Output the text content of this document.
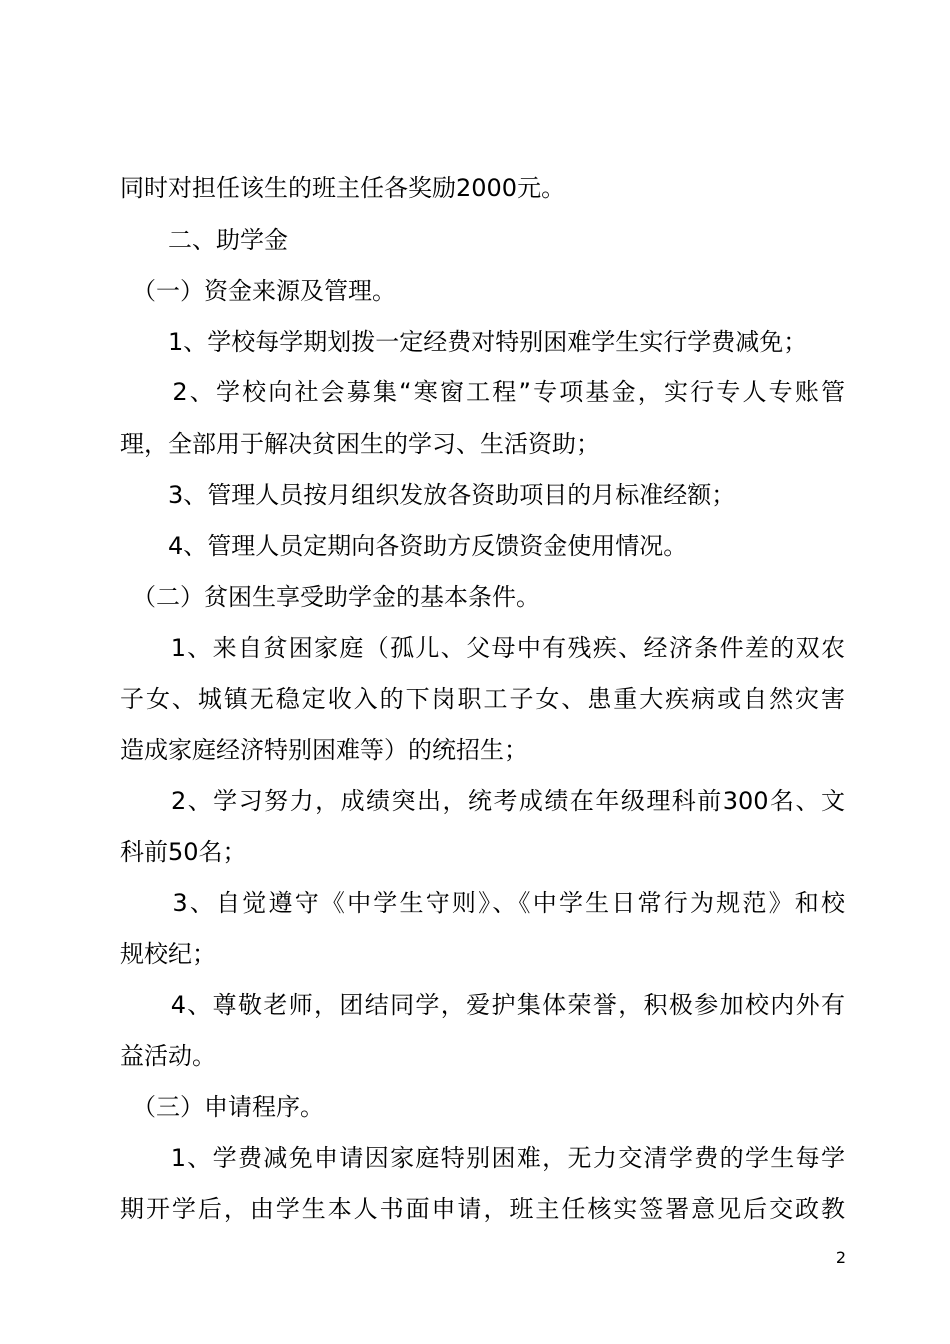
同时对担任该生的班主任各奖励2000元。
　　二、助学金
　（一）资金来源及管理。
　　1、学校每学期划拨一定经费对特别困难学生实行学费减免；
　　2、学校向社会募集“寒窗工程”专项基金，实行专人专账管
理，全部用于解决贫困生的学习、生活资助；
　　3、管理人员按月组织发放各资助项目的月标准经额；
　　4、管理人员定期向各资助方反馈资金使用情况。
　（二）贫困生享受助学金的基本条件。
　　1、来自贫困家庭（孤儿、父母中有残疾、经济条件差的双农
子女、城镇无稳定收入的下岗职工子女、患重大疾病或自然灾害
造成家庭经济特别困难等）的统招生；
　　2、学习努力，成绩突出，统考成绩在年级理科前300名、文
科前50名；
　　3、自觉遵守《中学生守则》、《中学生日常行为规范》和校
规校纪；
　　4、尊敬老师，团结同学，爱护集体荣誉，积极参加校内外有
益活动。
　（三）申请程序。
　　1、学费减免申请因家庭特别困难，无力交清学费的学生每学
期开学后，由学生本人书面申请，班主任核实签署意见后交政教
2
